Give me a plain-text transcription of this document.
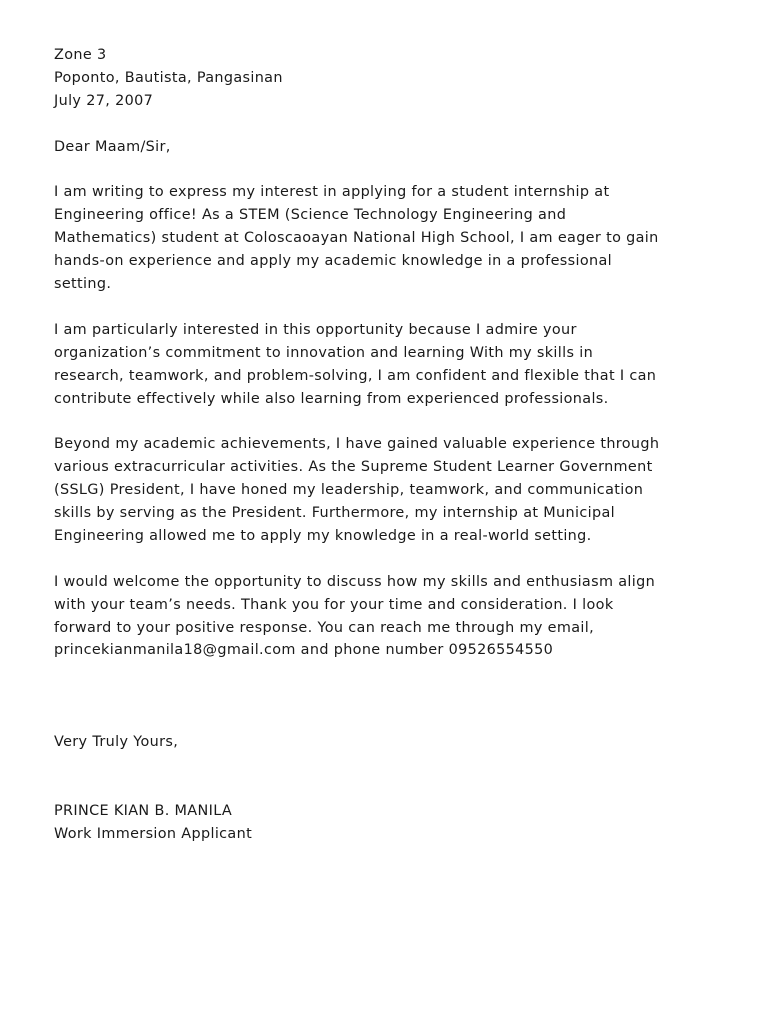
Zone 3
Poponto, Bautista, Pangasinan
July 27, 2007
Dear Maam/Sir,
I am writing to express my interest in applying for a student internship at
Engineering office! As a STEM (Science Technology Engineering and
Mathematics) student at Coloscaoayan National High School, I am eager to gain
hands-on experience and apply my academic knowledge in a professional
setting.
I am particularly interested in this opportunity because I admire your
organization’s commitment to innovation and learning With my skills in
research, teamwork, and problem-solving, I am confident and flexible that I can
contribute effectively while also learning from experienced professionals.
Beyond my academic achievements, I have gained valuable experience through
various extracurricular activities. As the Supreme Student Learner Government
(SSLG) President, I have honed my leadership, teamwork, and communication
skills by serving as the President. Furthermore, my internship at Municipal
Engineering allowed me to apply my knowledge in a real-world setting.
I would welcome the opportunity to discuss how my skills and enthusiasm align
with your team’s needs. Thank you for your time and consideration. I look
forward to your positive response. You can reach me through my email,
princekianmanila18@gmail.com and phone number 09526554550
Very Truly Yours,
PRINCE KIAN B. MANILA
Work Immersion Applicant
